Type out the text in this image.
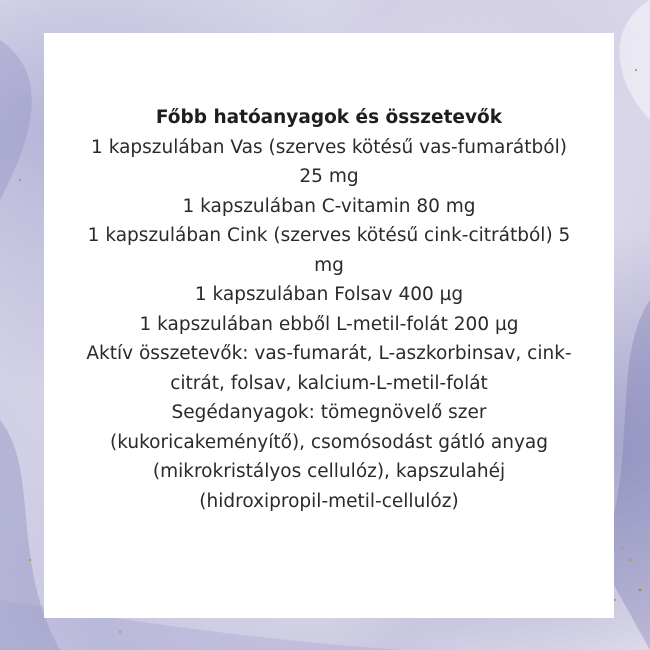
Főbb hatóanyagok és összetevők
1 kapszulában Vas (szerves kötésű vas-fumarátból)
25 mg
1 kapszulában C-vitamin 80 mg
1 kapszulában Cink (szerves kötésű cink-citrátból) 5
mg
1 kapszulában Folsav 400 µg
1 kapszulában ebből L-metil-folát 200 µg
Aktív összetevők: vas-fumarát, L-aszkorbinsav, cink-
citrát, folsav, kalcium-L-metil-folát
Segédanyagok: tömegnövelő szer
(kukoricakeményítő), csomósodást gátló anyag
(mikrokristályos cellulóz), kapszulahéj
(hidroxipropil-metil-cellulóz)
